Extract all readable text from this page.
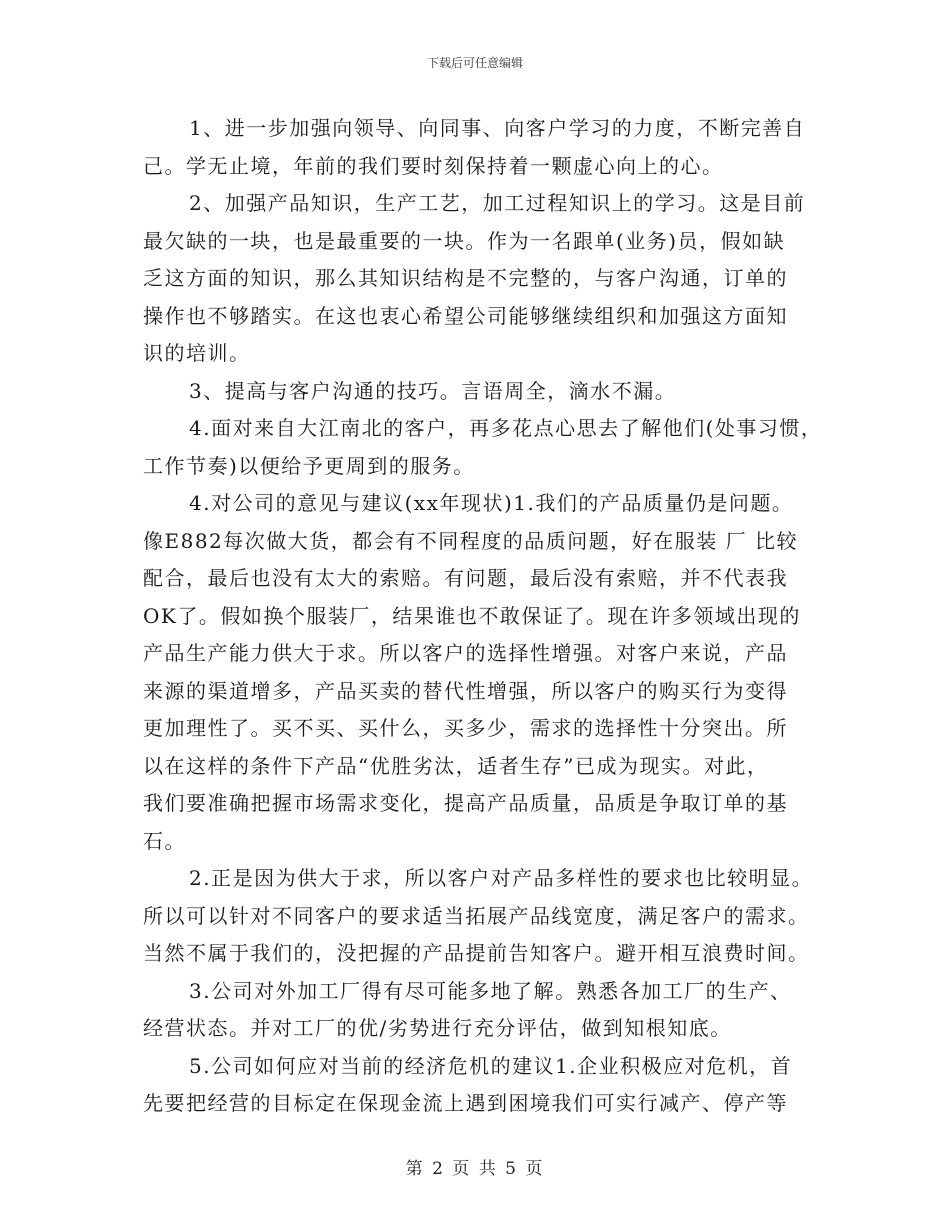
下载后可任意编辑
1、进一步加强向领导、向同事、向客户学习的力度，不断完善自
己。学无止境，年前的我们要时刻保持着一颗虚心向上的心。
2、加强产品知识，生产工艺，加工过程知识上的学习。这是目前
最欠缺的一块，也是最重要的一块。作为一名跟单(业务)员，假如缺
乏这方面的知识，那么其知识结构是不完整的，与客户沟通，订单的
操作也不够踏实。在这也衷心希望公司能够继续组织和加强这方面知
识的培训。
3、提高与客户沟通的技巧。言语周全，滴水不漏。
4.面对来自大江南北的客户，再多花点心思去了解他们(处事习惯，
工作节奏)以便给予更周到的服务。
4.对公司的意见与建议(xx年现状)1.我们的产品质量仍是问题。
像E882每次做大货，都会有不同程度的品质问题，好在服装 厂 比较
配合，最后也没有太大的索赔。有问题，最后没有索赔，并不代表我
OK了。假如换个服装厂，结果谁也不敢保证了。现在许多领域出现的
产品生产能力供大于求。所以客户的选择性增强。对客户来说，产品
来源的渠道增多，产品买卖的替代性增强，所以客户的购买行为变得
更加理性了。买不买、买什么，买多少，需求的选择性十分突出。所
以在这样的条件下产品“优胜劣汰，适者生存”已成为现实。对此，
我们要准确把握市场需求变化，提高产品质量，品质是争取订单的基
石。
2.正是因为供大于求，所以客户对产品多样性的要求也比较明显。
所以可以针对不同客户的要求适当拓展产品线宽度，满足客户的需求。
当然不属于我们的，没把握的产品提前告知客户。避开相互浪费时间。
3.公司对外加工厂得有尽可能多地了解。熟悉各加工厂的生产、
经营状态。并对工厂的优/劣势进行充分评估，做到知根知底。
5.公司如何应对当前的经济危机的建议1.企业积极应对危机，首
先要把经营的目标定在保现金流上遇到困境我们可实行减产、停产等
第 2 页 共 5 页
